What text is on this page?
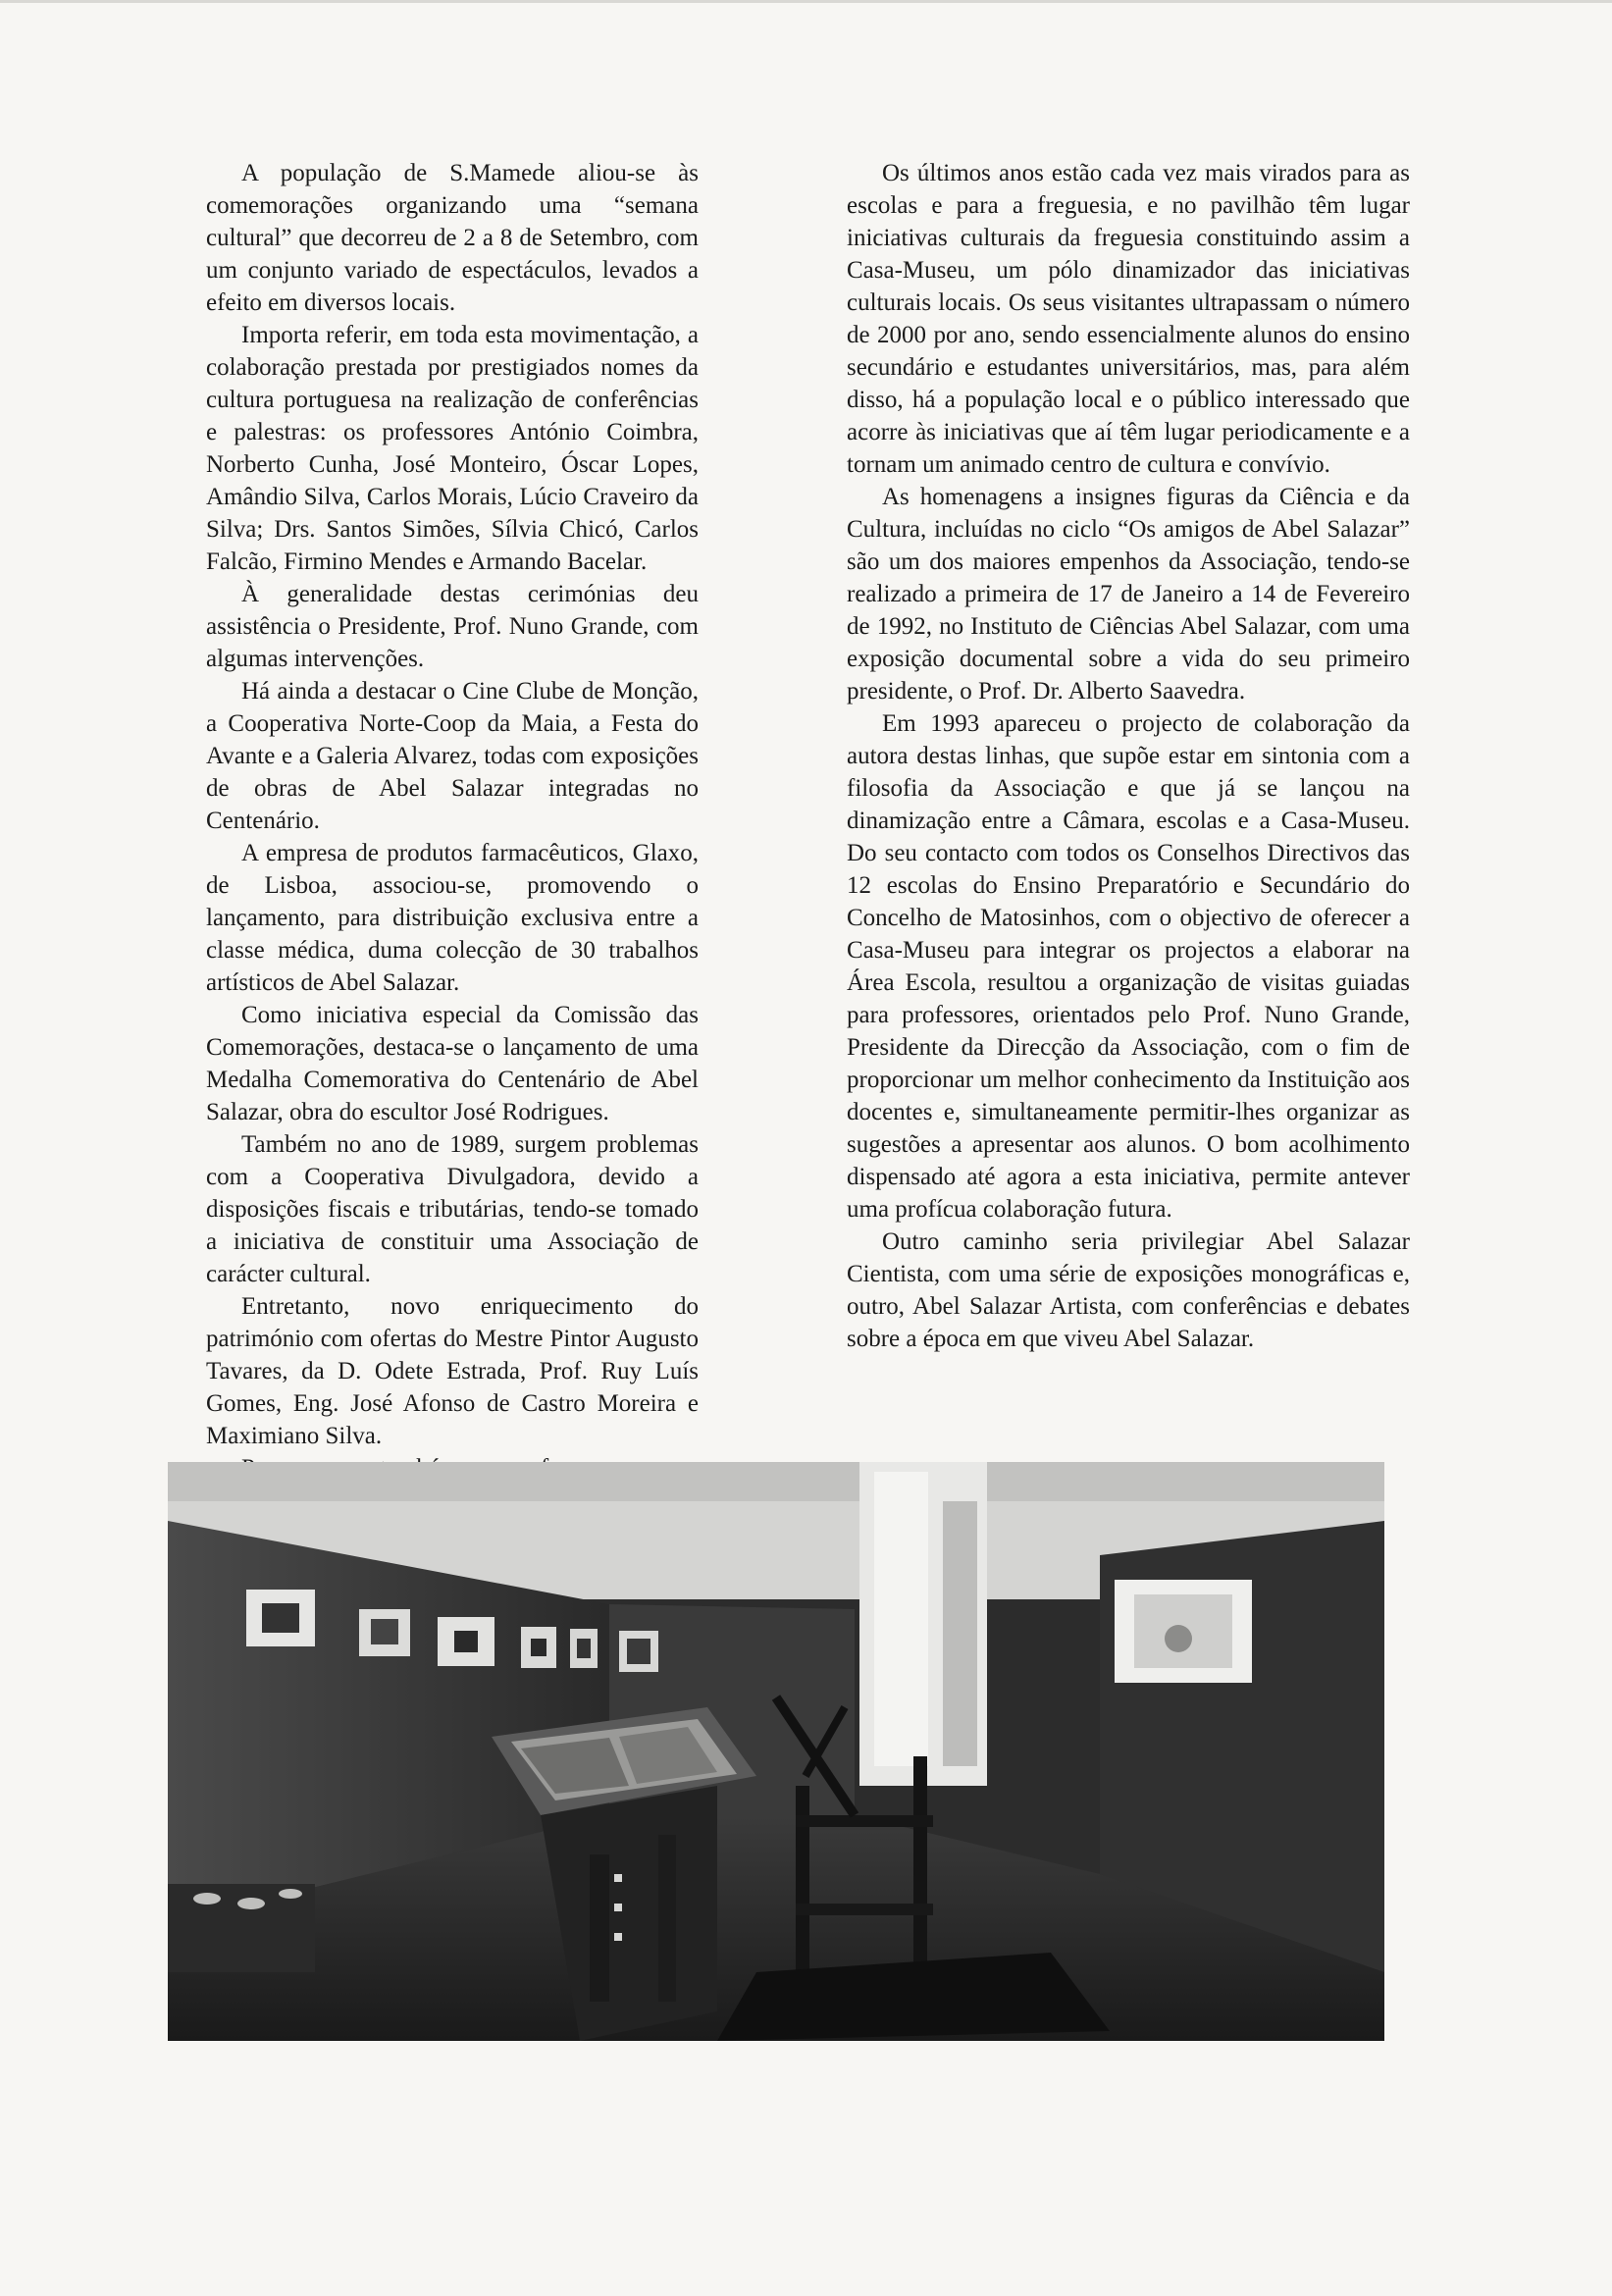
A população de S.Mamede aliou-se às comemorações organizando uma “semana cultural” que decorreu de 2 a 8 de Setembro, com um conjunto variado de espectáculos, levados a efeito em diversos locais.

Importa referir, em toda esta movimentação, a colaboração prestada por prestigiados nomes da cultura portuguesa na realização de conferências e palestras: os professores António Coimbra, Norberto Cunha, José Monteiro, Óscar Lopes, Amândio Silva, Carlos Morais, Lúcio Craveiro da Silva; Drs. Santos Simões, Sílvia Chicó, Carlos Falcão, Firmino Mendes e Armando Bacelar.

À generalidade destas cerimónias deu assistência o Presidente, Prof. Nuno Grande, com algumas intervenções.

Há ainda a destacar o Cine Clube de Monção, a Cooperativa Norte-Coop da Maia, a Festa do Avante e a Galeria Alvarez, todas com exposições de obras de Abel Salazar integradas no Centenário.

A empresa de produtos farmacêuticos, Glaxo, de Lisboa, associou-se, promovendo o lançamento, para distribuição exclusiva entre a classe médica, duma colecção de 30 trabalhos artísticos de Abel Salazar.

Como iniciativa especial da Comissão das Comemorações, destaca-se o lançamento de uma Medalha Comemorativa do Centenário de Abel Salazar, obra do escultor José Rodrigues.

Também no ano de 1989, surgem problemas com a Cooperativa Divulgadora, devido a disposições fiscais e tributárias, tendo-se tomado a iniciativa de constituir uma Associação de carácter cultural.

Entretanto, novo enriquecimento do património com ofertas do Mestre Pintor Augusto Tavares, da D. Odete Estrada, Prof. Ruy Luís Gomes, Eng. José Afonso de Castro Moreira e Maximiano Silva.

Os últimos anos estão cada vez mais virados para as escolas e para a freguesia, e no pavilhão têm lugar iniciativas culturais da freguesia constituindo assim a Casa-Museu, um pólo dinamizador das iniciativas culturais locais. Os seus visitantes ultrapassam o número de 2000 por ano, sendo essencialmente alunos do ensino secundário e estudantes universitários, mas, para além disso, há a população local e o público interessado que acorre às iniciativas que aí têm lugar periodicamente e a tornam um animado centro de cultura e convívio.

As homenagens a insignes figuras da Ciência e da Cultura, incluídas no ciclo “Os amigos de Abel Salazar” são um dos maiores empenhos da Associação, tendo-se realizado a primeira de 17 de Janeiro a 14 de Fevereiro de 1992, no Instituto de Ciências Abel Salazar, com uma exposição documental sobre a vida do seu primeiro presidente, o Prof. Dr. Alberto Saavedra.

Em 1993 apareceu o projecto de colaboração da autora destas linhas, que supõe estar em sintonia com a filosofia da Associação e que já se lançou na dinamização entre a Câmara, escolas e a Casa-Museu. Do seu contacto com todos os Conselhos Directivos das 12 escolas do Ensino Preparatório e Secundário do Concelho de Matosinhos, com o objectivo de oferecer a Casa-Museu para integrar os projectos a elaborar na Área Escola, resultou a organização de visitas guiadas para professores, orientados pelo Prof. Nuno Grande, Presidente da Direcção da Associação, com o fim de proporcionar um melhor conhecimento da Instituição aos docentes e, simultaneamente permitir-lhes organizar as sugestões a apresentar aos alunos. O bom acolhimento dispensado até agora a esta iniciativa, permite antever uma profícua colaboração futura.

Outro caminho seria privilegiar Abel Salazar Cientista, com uma série de exposições monográficas e, outro, Abel Salazar Artista, com conferências e debates sobre a época em que viveu Abel Salazar.
